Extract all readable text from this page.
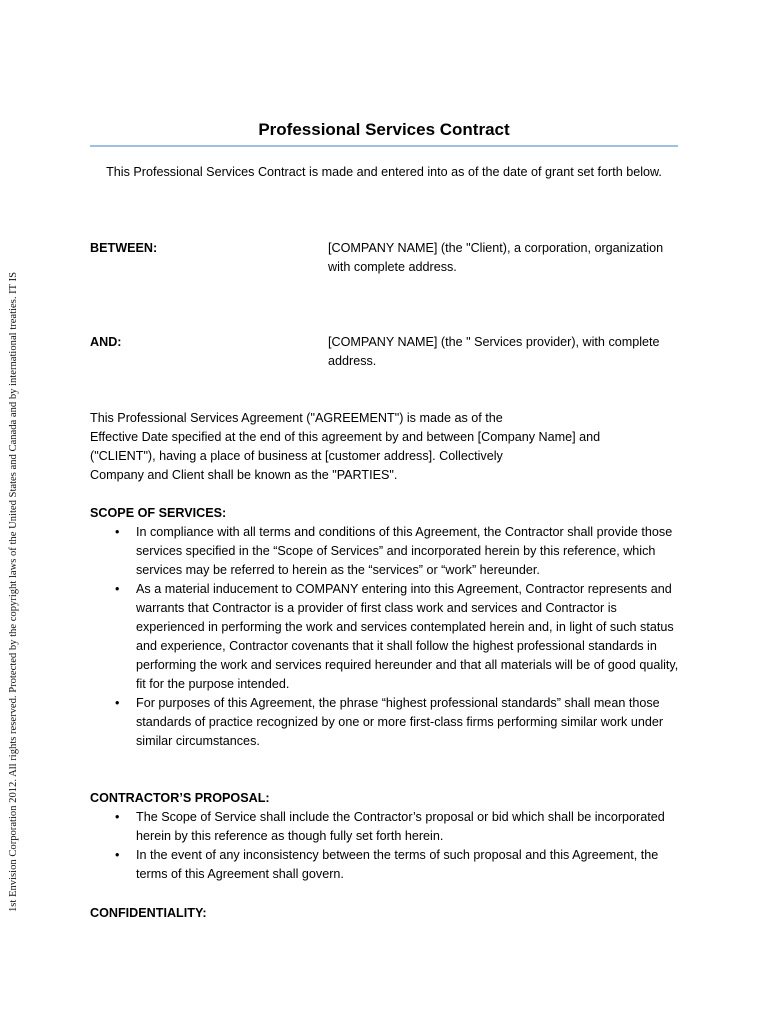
1st Envision Corporation 2012. All rights reserved. Protected by the copyright laws of the United States and Canada and by international treaties. IT IS
Professional Services Contract
This Professional Services Contract is made and entered into as of the date of grant set forth below.
BETWEEN:	[COMPANY NAME] (the "Client), a corporation, organization with complete address.
AND:	[COMPANY NAME] (the " Services provider), with complete address.
This Professional Services Agreement ("AGREEMENT") is made as of the
Effective Date specified at the end of this agreement by and between [Company Name] and
("CLIENT"), having a place of business at [customer address]. Collectively
Company and Client shall be known as the "PARTIES".
SCOPE OF SERVICES:
• In compliance with all terms and conditions of this Agreement, the Contractor shall provide those services specified in the “Scope of Services” and incorporated herein by this reference, which services may be referred to herein as the “services” or “work” hereunder.
• As a material inducement to COMPANY entering into this Agreement, Contractor represents and warrants that Contractor is a provider of first class work and services and Contractor is experienced in performing the work and services contemplated herein and, in light of such status and experience, Contractor covenants that it shall follow the highest professional standards in performing the work and services required hereunder and that all materials will be of good quality, fit for the purpose intended.
• For purposes of this Agreement, the phrase “highest professional standards” shall mean those standards of practice recognized by one or more first-class firms performing similar work under similar circumstances.
CONTRACTOR’S PROPOSAL:
• The Scope of Service shall include the Contractor’s proposal or bid which shall be incorporated herein by this reference as though fully set forth herein.
• In the event of any inconsistency between the terms of such proposal and this Agreement, the terms of this Agreement shall govern.
CONFIDENTIALITY:
